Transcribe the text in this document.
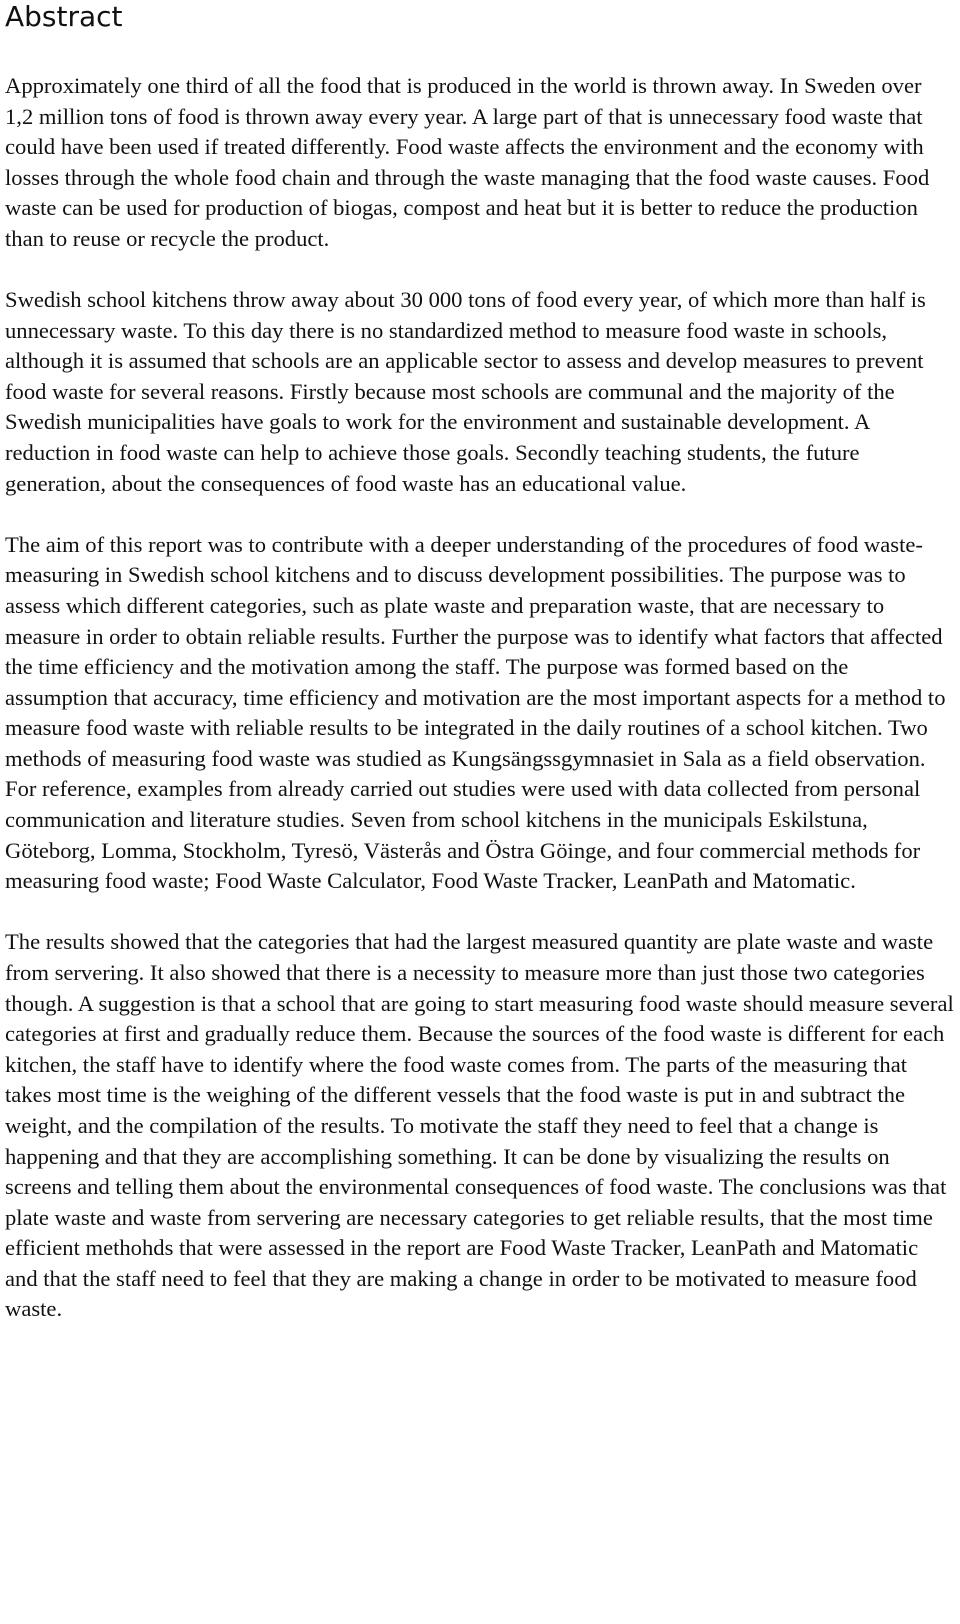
Abstract

Approximately one third of all the food that is produced in the world is thrown away. In Sweden over 1,2 million tons of food is thrown away every year. A large part of that is unnecessary food waste that could have been used if treated differently. Food waste affects the environment and the economy with losses through the whole food chain and through the waste managing that the food waste causes. Food waste can be used for production of biogas, compost and heat but it is better to reduce the production than to reuse or recycle the product.

Swedish school kitchens throw away about 30 000 tons of food every year, of which more than half is unnecessary waste. To this day there is no standardized method to measure food waste in schools, although it is assumed that schools are an applicable sector to assess and develop measures to prevent food waste for several reasons. Firstly because most schools are communal and the majority of the Swedish municipalities have goals to work for the environment and sustainable development. A reduction in food waste can help to achieve those goals. Secondly teaching students, the future generation, about the consequences of food waste has an educational value.

The aim of this report was to contribute with a deeper understanding of the procedures of food waste-measuring in Swedish school kitchens and to discuss development possibilities. The purpose was to assess which different categories, such as plate waste and preparation waste, that are necessary to measure in order to obtain reliable results. Further the purpose was to identify what factors that affected the time efficiency and the motivation among the staff. The purpose was formed based on the assumption that accuracy, time efficiency and motivation are the most important aspects for a method to measure food waste with reliable results to be integrated in the daily routines of a school kitchen. Two methods of measuring food waste was studied as Kungsängssgymnasiet in Sala as a field observation. For reference, examples from already carried out studies were used with data collected from personal communication and literature studies. Seven from school kitchens in the municipals Eskilstuna, Göteborg, Lomma, Stockholm, Tyresö, Västerås and Östra Göinge, and four commercial methods for measuring food waste; Food Waste Calculator, Food Waste Tracker, LeanPath and Matomatic.

The results showed that the categories that had the largest measured quantity are plate waste and waste from servering. It also showed that there is a necessity to measure more than just those two categories though. A suggestion is that a school that are going to start measuring food waste should measure several categories at first and gradually reduce them. Because the sources of the food waste is different for each kitchen, the staff have to identify where the food waste comes from. The parts of the measuring that takes most time is the weighing of the different vessels that the food waste is put in and subtract the weight, and the compilation of the results. To motivate the staff they need to feel that a change is happening and that they are accomplishing something. It can be done by visualizing the results on screens and telling them about the environmental consequences of food waste. The conclusions was that plate waste and waste from servering are necessary categories to get reliable results, that the most time efficient methohds that were assessed in the report are Food Waste Tracker, LeanPath and Matomatic and that the staff need to feel that they are making a change in order to be motivated to measure food waste.
